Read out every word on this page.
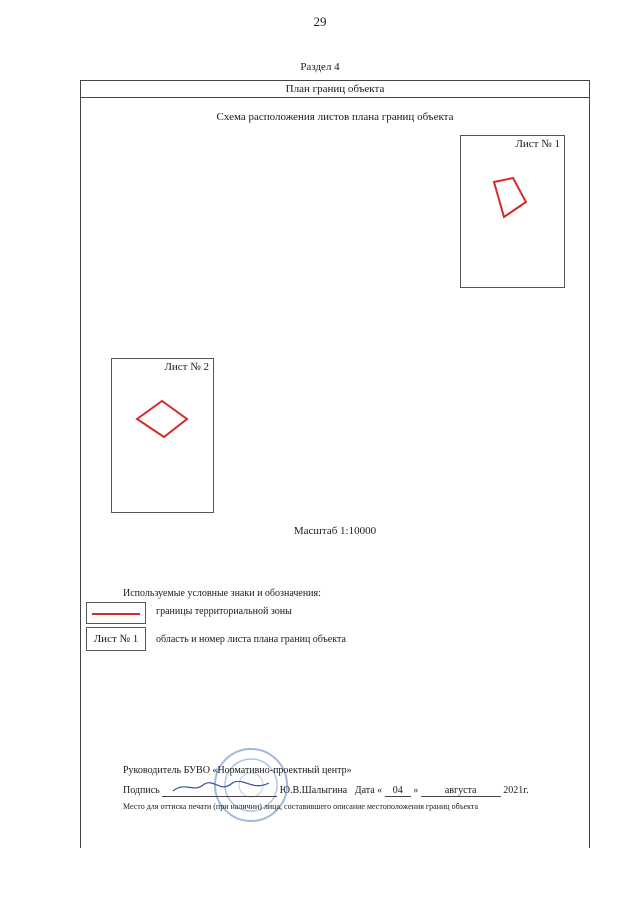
29
Раздел 4
План границ объекта
Схема расположения листов плана границ объекта
Лист № 1
Лист № 2
Масштаб 1:10000
Используемые условные знаки и обозначения:
границы территориальной зоны
Лист № 1	область и номер листа плана границ объекта
Руководитель БУВО «Нормативно-проектный центр»
Подпись	Ю.В.Шалыгина Дата « 04 »	августа	2021г.
Место для оттиска печати (при наличии) лица, составившего описание местоположения границ объекта
